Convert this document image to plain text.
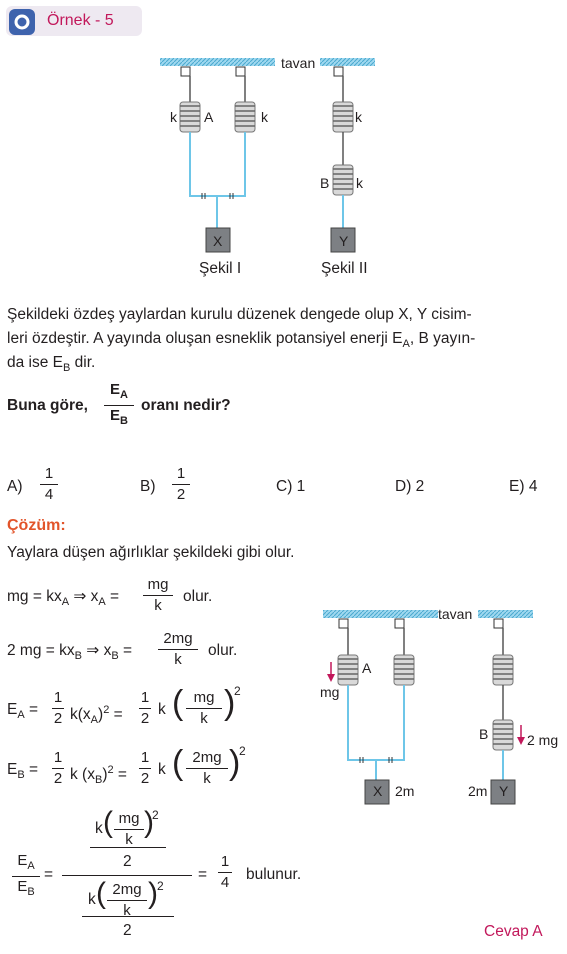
Örnek - 5
tavan
k A	k	k
B k
X	Y
Şekil I	Şekil II
Şekildeki özdeş yaylardan kurulu düzenek dengede olup X, Y cisim-
leri özdeştir. A yayında oluşan esneklik potansiyel enerji $E_A$, B yayın-
da ise $E_B$ dir.
Buna göre,
$E_A$
$E_B$
oranı nedir?
A)
1
4	B)
1
2	C) 1	D) 2	E) 4
Çözüm:
Yaylara düşen ağırlıklar şekildeki gibi olur.
mg = $kx_A$ ⇒ $x_A$ =
mg
k
olur.
2 mg = $kx_B$ ⇒ $x_B$ =
2mg
k
olur.
$E_A$ =
1
2 $k(x_A)^2$ =
1
2
k ( mg
k )
2
$E_B$ =
1
2 k $(x_B)^2$ =
1
2
k ( 2mg
k )
2
$E_A$
$E_B$
=
k ( mg
k
)
2
2
k ( 2mg
k
) 2
2
=
1
4 bulunur.
tavan
A
mg
B	2 mg
X 2m	2m Y
Cevap A
